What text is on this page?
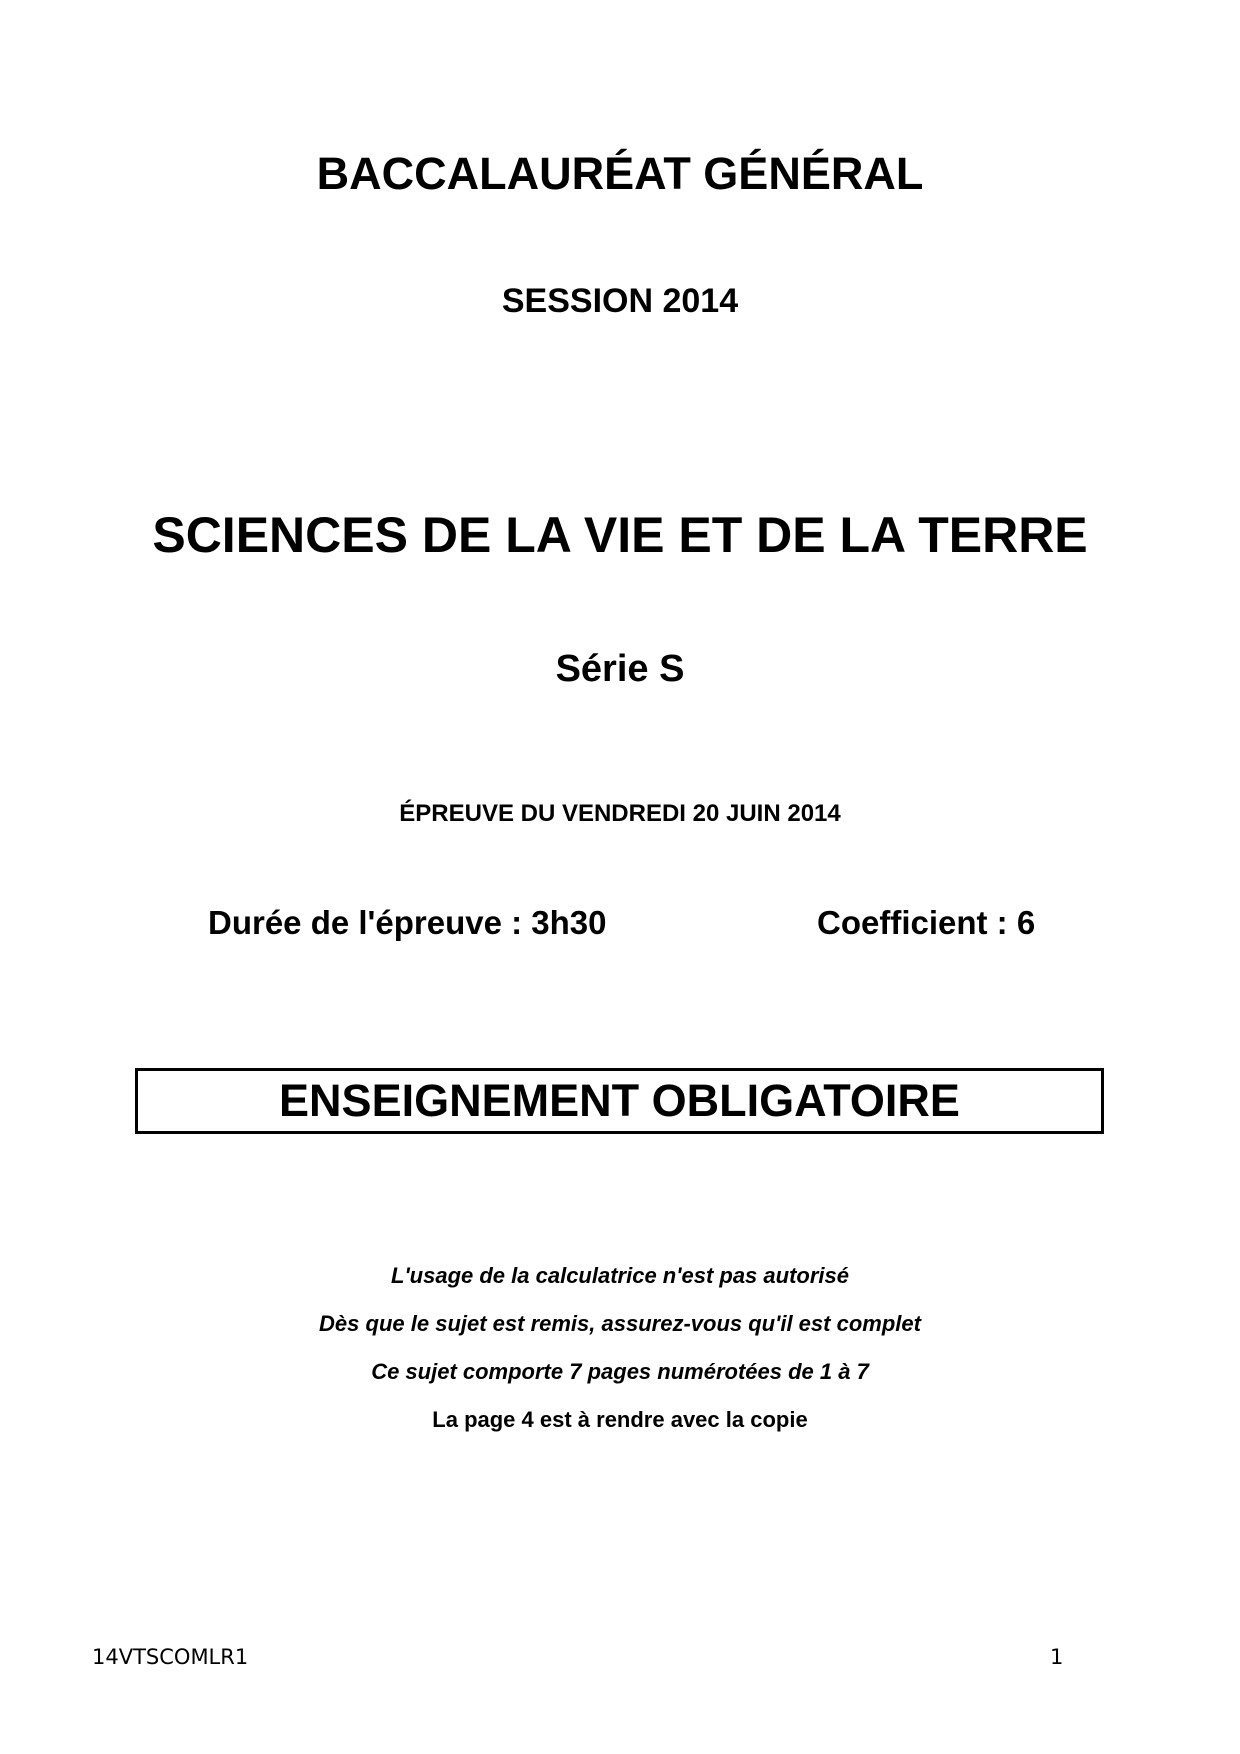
BACCALAURÉAT GÉNÉRAL
SESSION 2014
SCIENCES DE LA VIE ET DE LA TERRE
Série S
ÉPREUVE DU VENDREDI 20 JUIN 2014
Durée de l'épreuve : 3h30	Coefficient : 6
ENSEIGNEMENT OBLIGATOIRE
L'usage de la calculatrice n'est pas autorisé
Dès que le sujet est remis, assurez-vous qu'il est complet
Ce sujet comporte 7 pages numérotées de 1 à 7
La page 4 est à rendre avec la copie
14VTSCOMLR1	1
